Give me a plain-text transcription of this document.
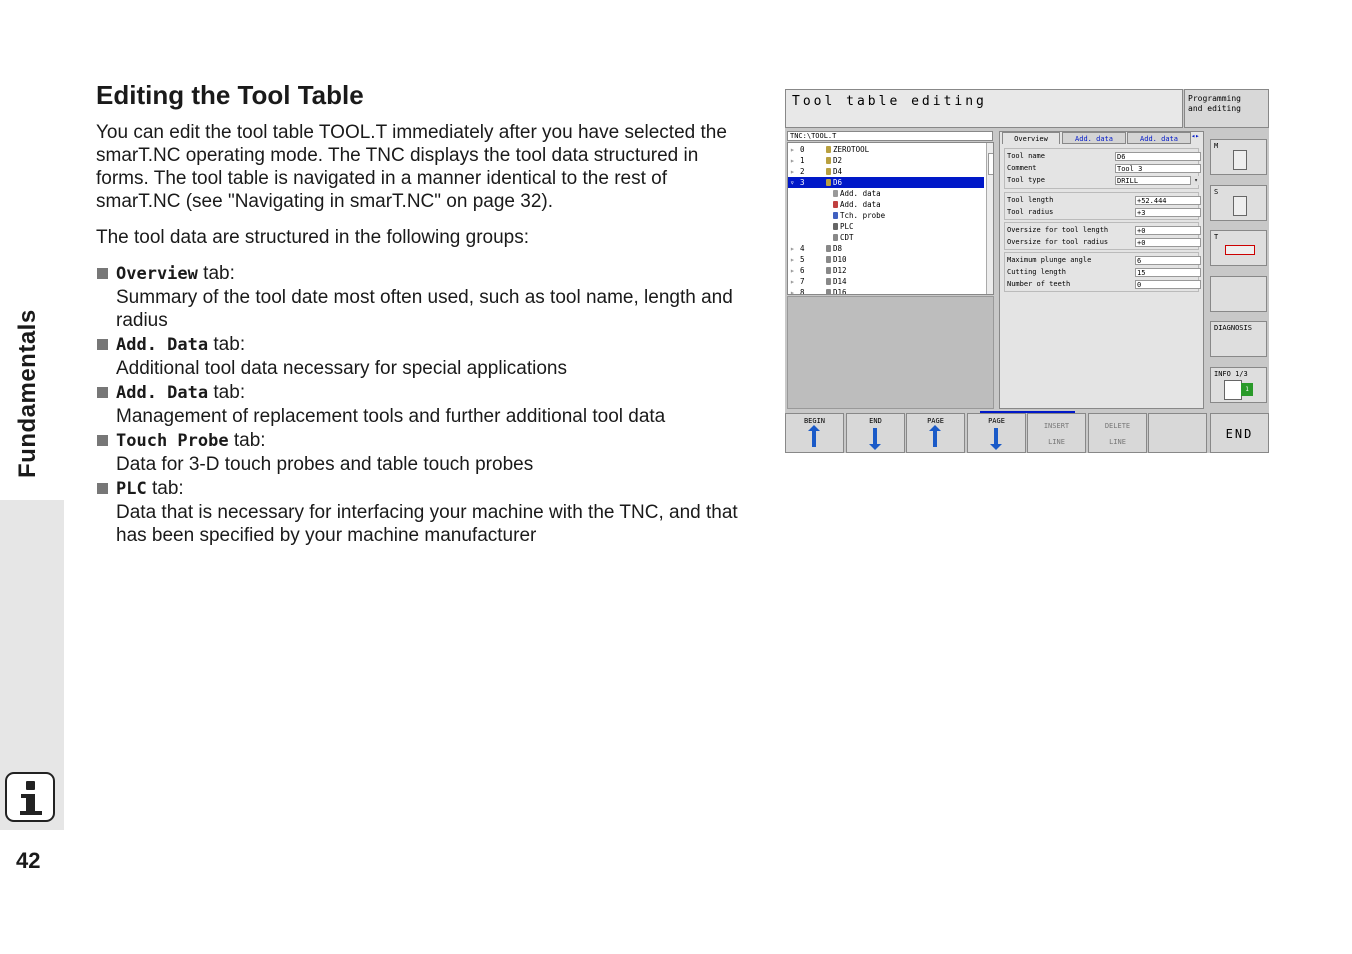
Fundamentals
42
Editing the Tool Table

You can edit the tool table TOOL.T immediately after you have selected the smarT.NC operating mode. The TNC displays the tool data structured in forms. The tool table is navigated in a manner identical to the rest of smarT.NC (see "Navigating in smarT.NC" on page 32).

The tool data are structured in the following groups:

Overview tab:
Summary of the tool date most often used, such as tool name, length and radius
Add. Data tab:
Additional tool data necessary for special applications
Add. Data tab:
Management of replacement tools and further additional tool data
Touch Probe tab:
Data for 3-D touch probes and table touch probes
PLC tab:
Data that is necessary for interfacing your machine with the TNC, and that has been specified by your machine manufacturer
Tool table editing	Programming
and editing
TNC:\TOOL.T
▹ 0	ZEROTOOL
▹ 1	D2
▹ 2	D4
▿ 3	D6
Add. data
Add. data
Tch. probe
PLC
CDT
▹ 4	D8
▹ 5	D10
▹ 6	D12
▹ 7	D14
▹ 8	D16
Overview	Add. data	Add. data	◂▸
Tool name	D6
Comment	Tool 3
Tool type	DRILL	▾
Tool length	+52.444
Tool radius	+3
Oversize for tool length	+0
Oversize for tool radius	+0
Maximum plunge angle	6
Cutting length	15
Number of teeth	0
M
S
T
DIAGNOSIS
INFO 1/3
1
BEGIN	END	PAGE	PAGE
INSERT

LINE
DELETE

LINE
END
